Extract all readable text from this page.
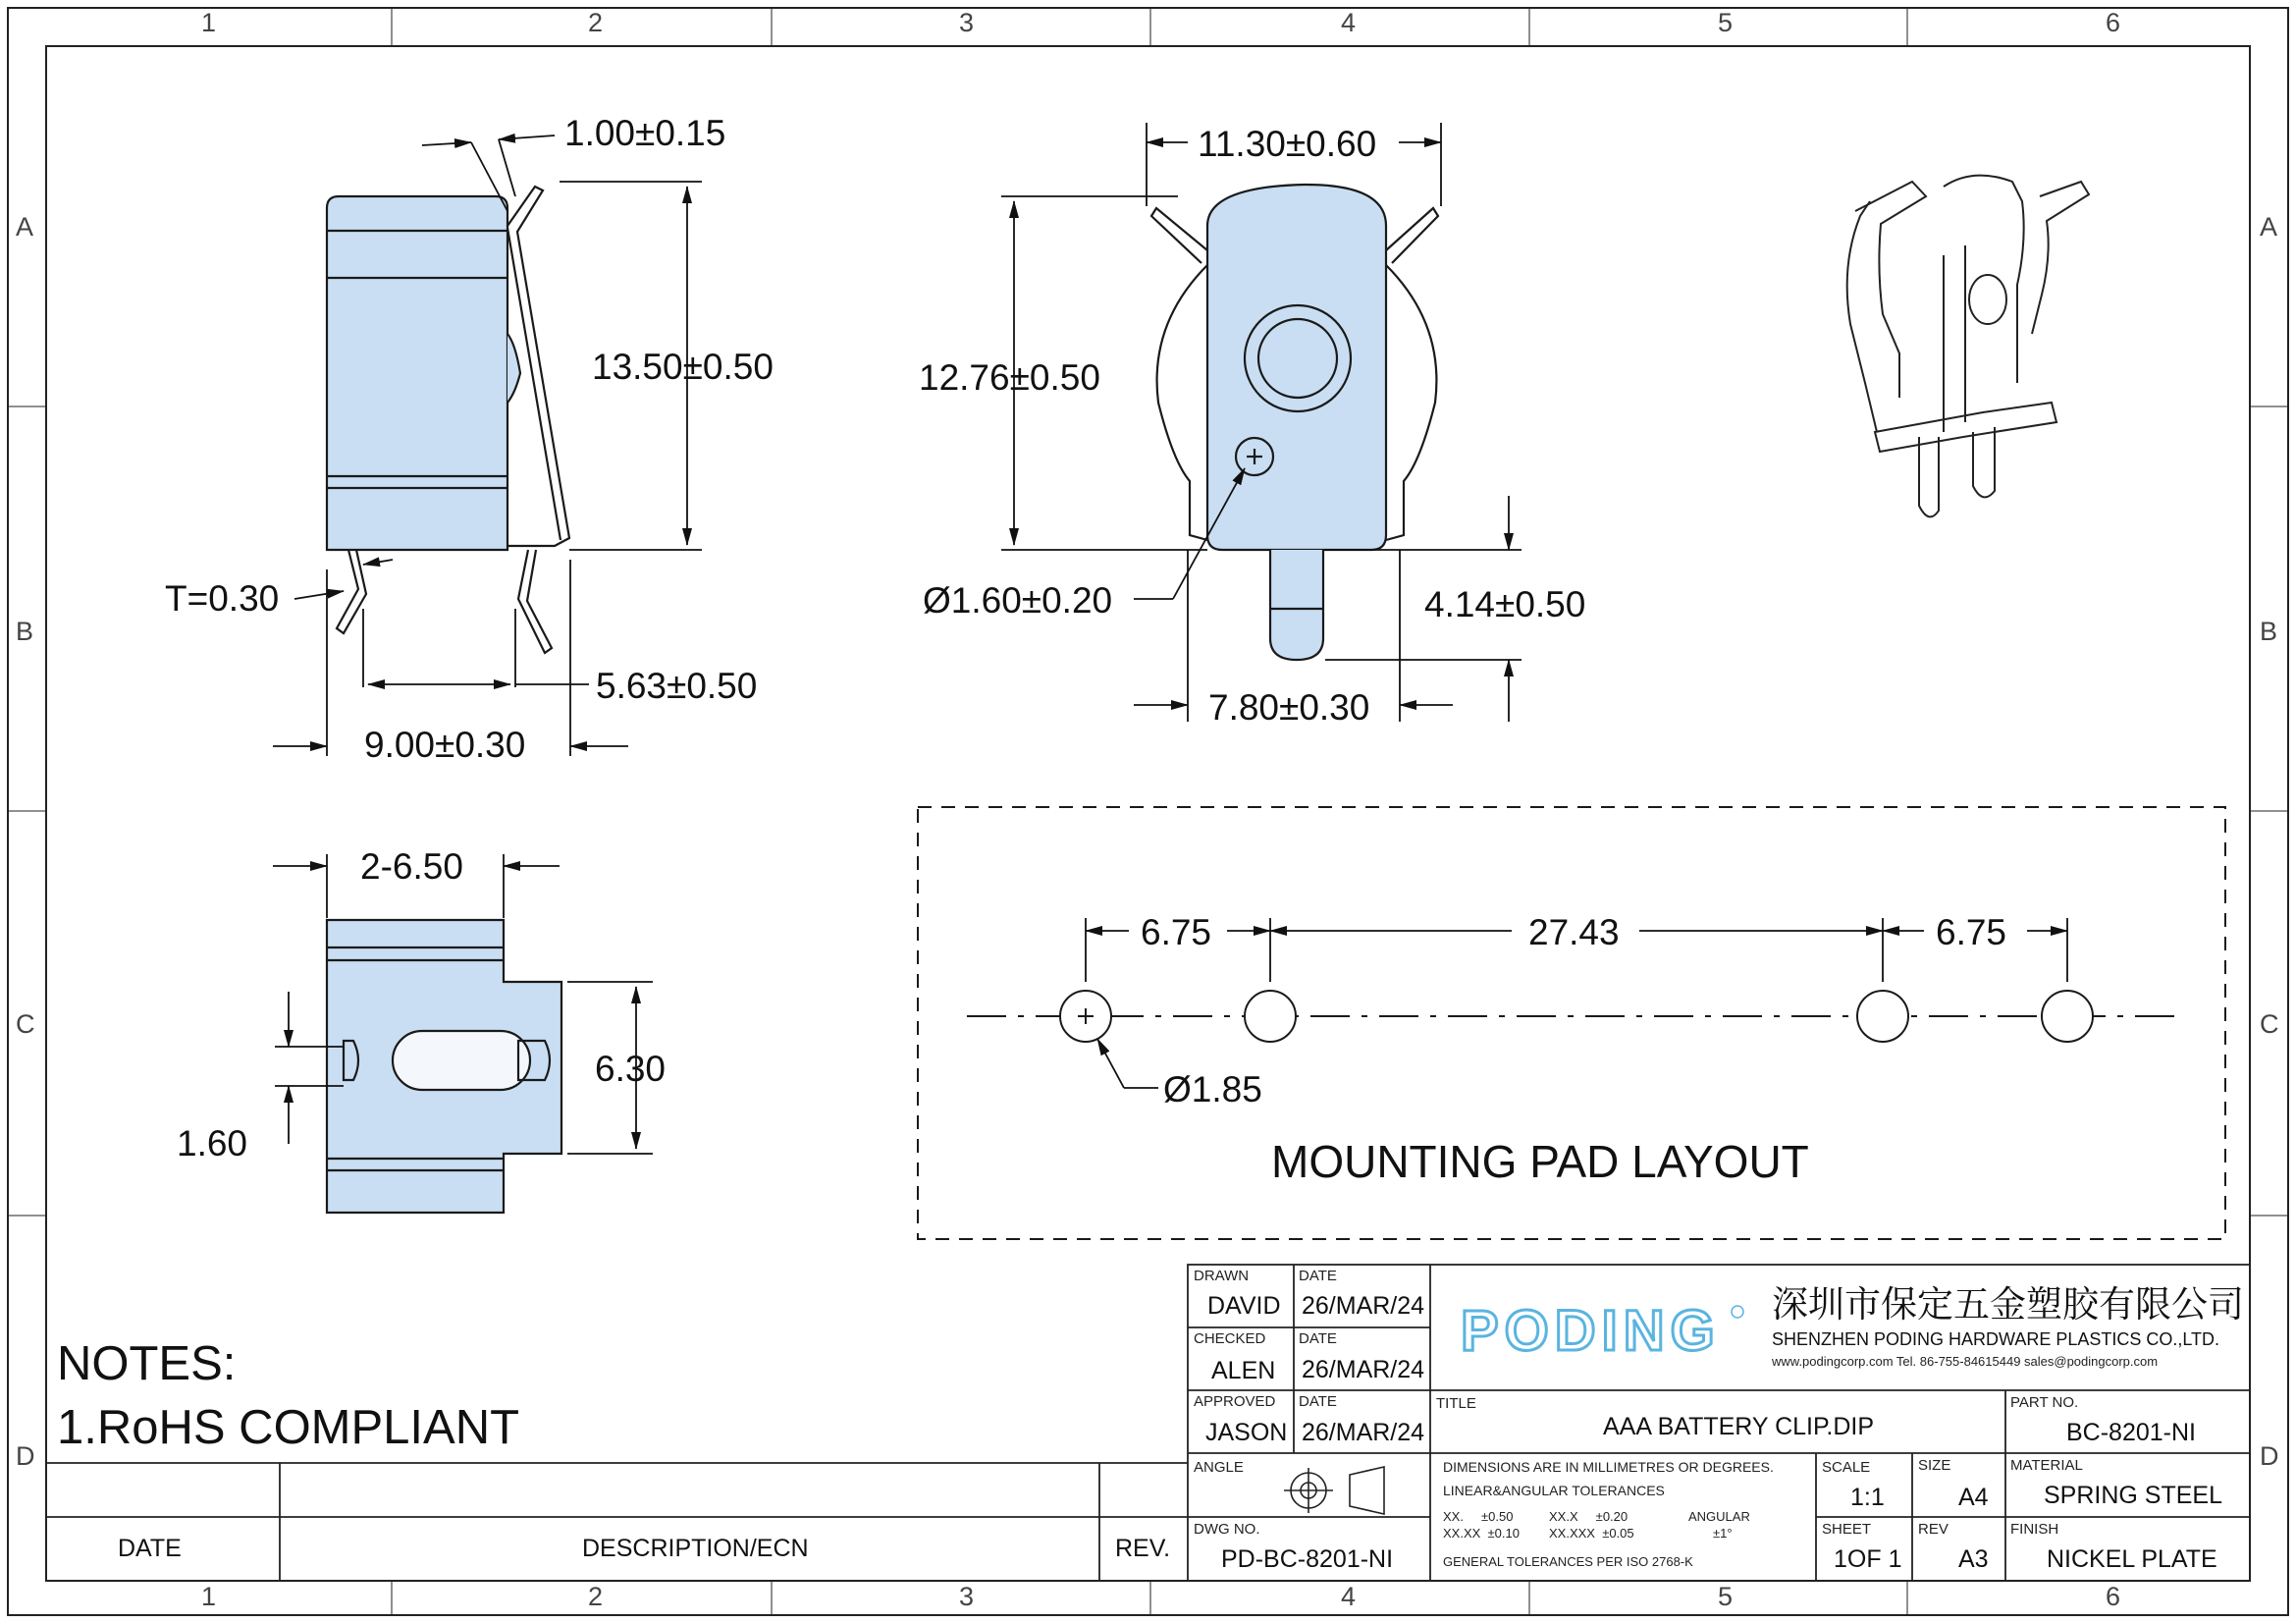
PODING
1	2	3	4	5	6
1	2	3	4	5	6
A
B
C
D
A
B
C
D
1.00±0.15
13.50±0.50
T=0.30
5.63±0.50
9.00±0.30
11.30±0.60
12.76±0.50
Ø1.60±0.20	4.14±0.50
7.80±0.30
2-6.50
6.30
1.60
6.75	27.43	6.75
Ø1.85
MOUNTING PAD LAYOUT
NOTES:
1.RoHS COMPLIANT
DATE	DESCRIPTION/ECN	REV.
DRAWN
DAVID
DATE
26/MAR/24
CHECKED
ALEN
DATE
26/MAR/24
APPROVED
JASON
DATE
26/MAR/24
ANGLE
DWG NO.
PD-BC-8201-NI
深圳市保定五金塑胶有限公司
SHENZHEN PODING HARDWARE PLASTICS CO.,LTD.
www.podingcorp.com Tel. 86-755-84615449 sales@podingcorp.com
TITLE
AAA BATTERY CLIP.DIP
PART NO.
BC-8201-NI
DIMENSIONS ARE IN MILLIMETRES OR DEGREES.
LINEAR&ANGULAR TOLERANCES
XX.     ±0.50	XX.X     ±0.20	ANGULAR
XX.XX  ±0.10 XX.XXX  ±0.05	±1°
GENERAL TOLERANCES PER ISO 2768-K
SCALE
1:1
SIZE
A4
MATERIAL
SPRING STEEL
SHEET
1OF 1
REV
A3
FINISH
NICKEL PLATE
